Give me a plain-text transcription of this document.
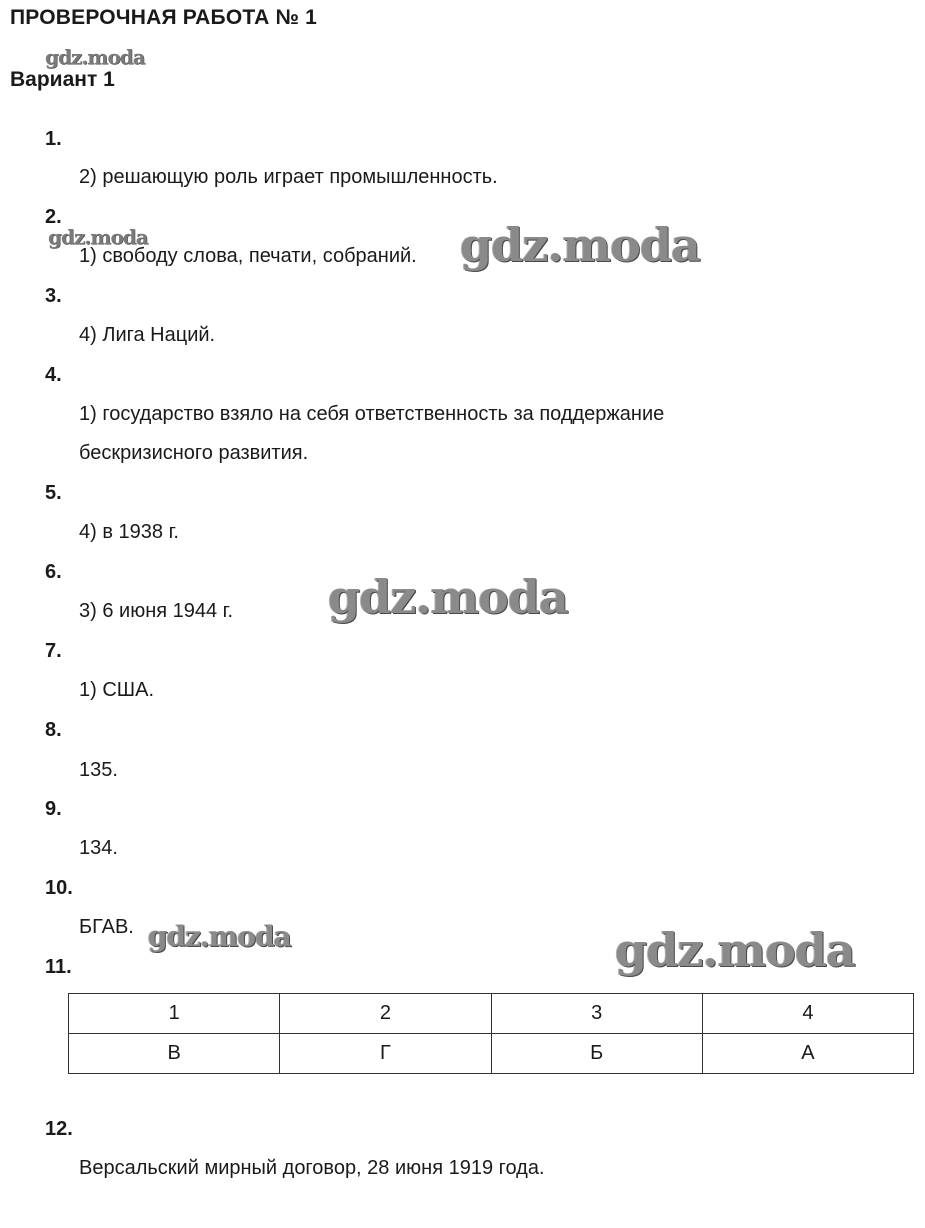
ПРОВЕРОЧНАЯ РАБОТА № 1
Вариант 1
1.
2) решающую роль играет промышленность.
2.
1) свободу слова, печати, собраний.
3.
4) Лига Наций.
4.
1) государство взяло на себя ответственность за поддержание
бескризисного развития.
5.
4) в 1938 г.
6.
3) 6 июня 1944 г.
7.
1) США.
8.
135.
9.
134.
10.
БГАВ.
11.
1	2	3	4
В	Г	Б	А
12.
Версальский мирный договор, 28 июня 1919 года.
gdz.moda
gdz.moda	gdz.moda
gdz.moda
gdz.moda	gdz.moda
